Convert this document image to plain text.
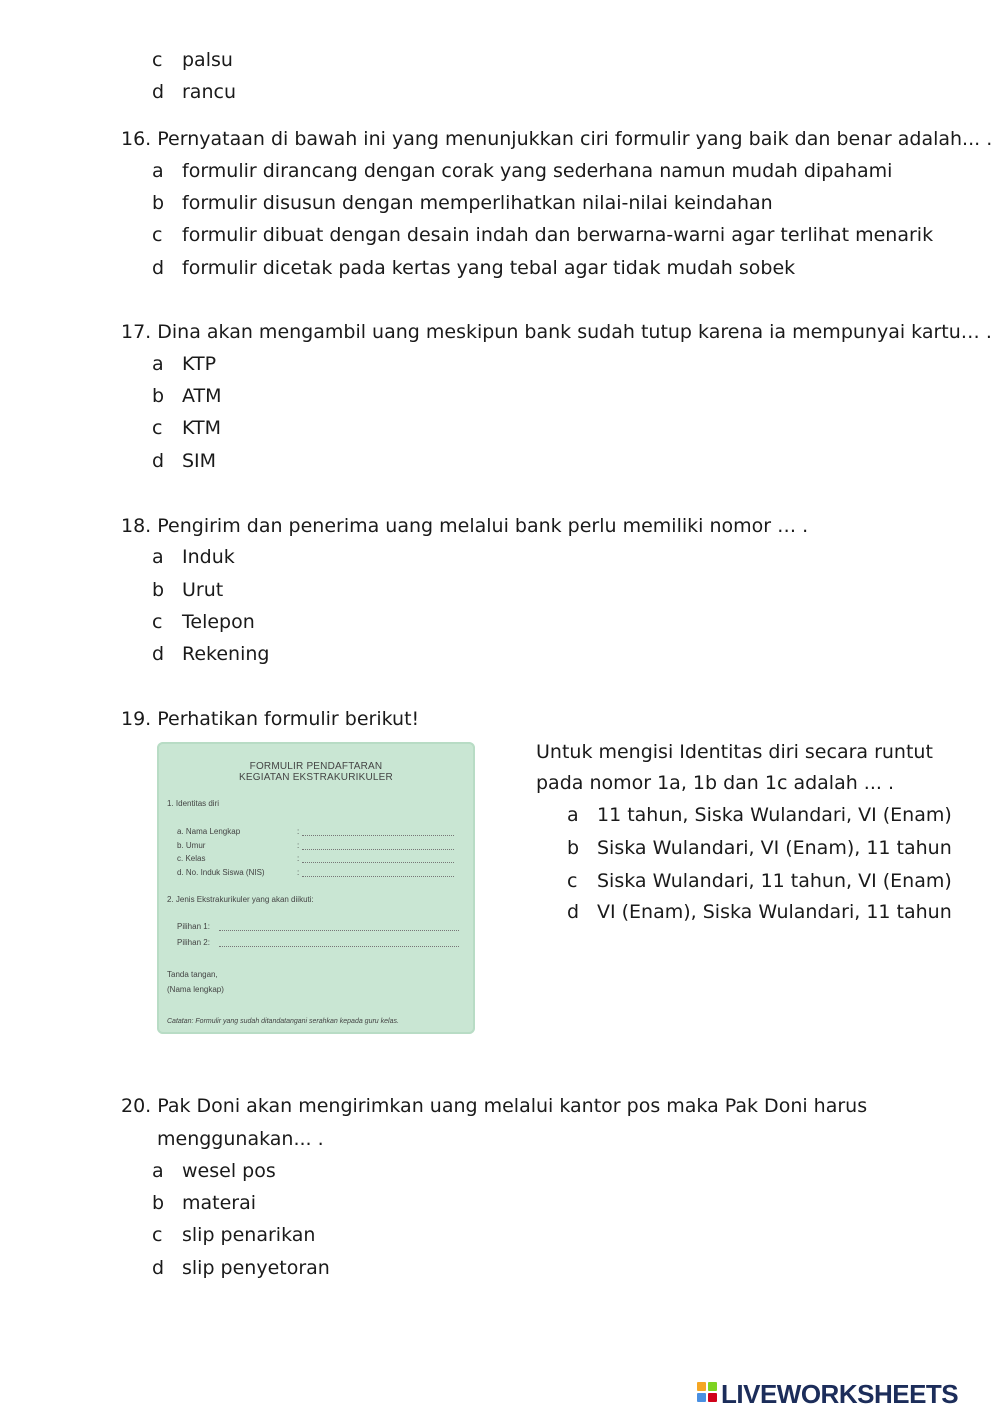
c palsu
d rancu
16. Pernyataan di bawah ini yang menunjukkan ciri formulir yang baik dan benar adalah... .
a formulir dirancang dengan corak yang sederhana namun mudah dipahami
b formulir disusun dengan memperlihatkan nilai-nilai keindahan
c formulir dibuat dengan desain indah dan berwarna-warni agar terlihat menarik
d formulir dicetak pada kertas yang tebal agar tidak mudah sobek
17. Dina akan mengambil uang meskipun bank sudah tutup karena ia mempunyai kartu… .
a KTP
b ATM
c KTM
d SIM
18. Pengirim dan penerima uang melalui bank perlu memiliki nomor … .
a Induk
b Urut
c Telepon
d Rekening
19. Perhatikan formulir berikut!
FORMULIR PENDAFTARAN
KEGIATAN EKSTRAKURIKULER
1. Identitas diri
a. Nama Lengkap	:
b. Umur	:
c. Kelas	:
d. No. Induk Siswa (NIS)	:
2. Jenis Ekstrakurikuler yang akan diikuti:
Pilihan 1:
Pilihan 2:
Tanda tangan,
(Nama lengkap)
Catatan: Formulir yang sudah ditandatangani serahkan kepada guru kelas.
Untuk mengisi Identitas diri secara runtut
pada nomor 1a, 1b dan 1c adalah ... .
a 11 tahun, Siska Wulandari, VI (Enam)
b Siska Wulandari, VI (Enam), 11 tahun
c Siska Wulandari, 11 tahun, VI (Enam)
d VI (Enam), Siska Wulandari, 11 tahun
20. Pak Doni akan mengirimkan uang melalui kantor pos maka Pak Doni harus
menggunakan... .
a wesel pos
b materai
c slip penarikan
d slip penyetoran
LIVEWORKSHEETS
